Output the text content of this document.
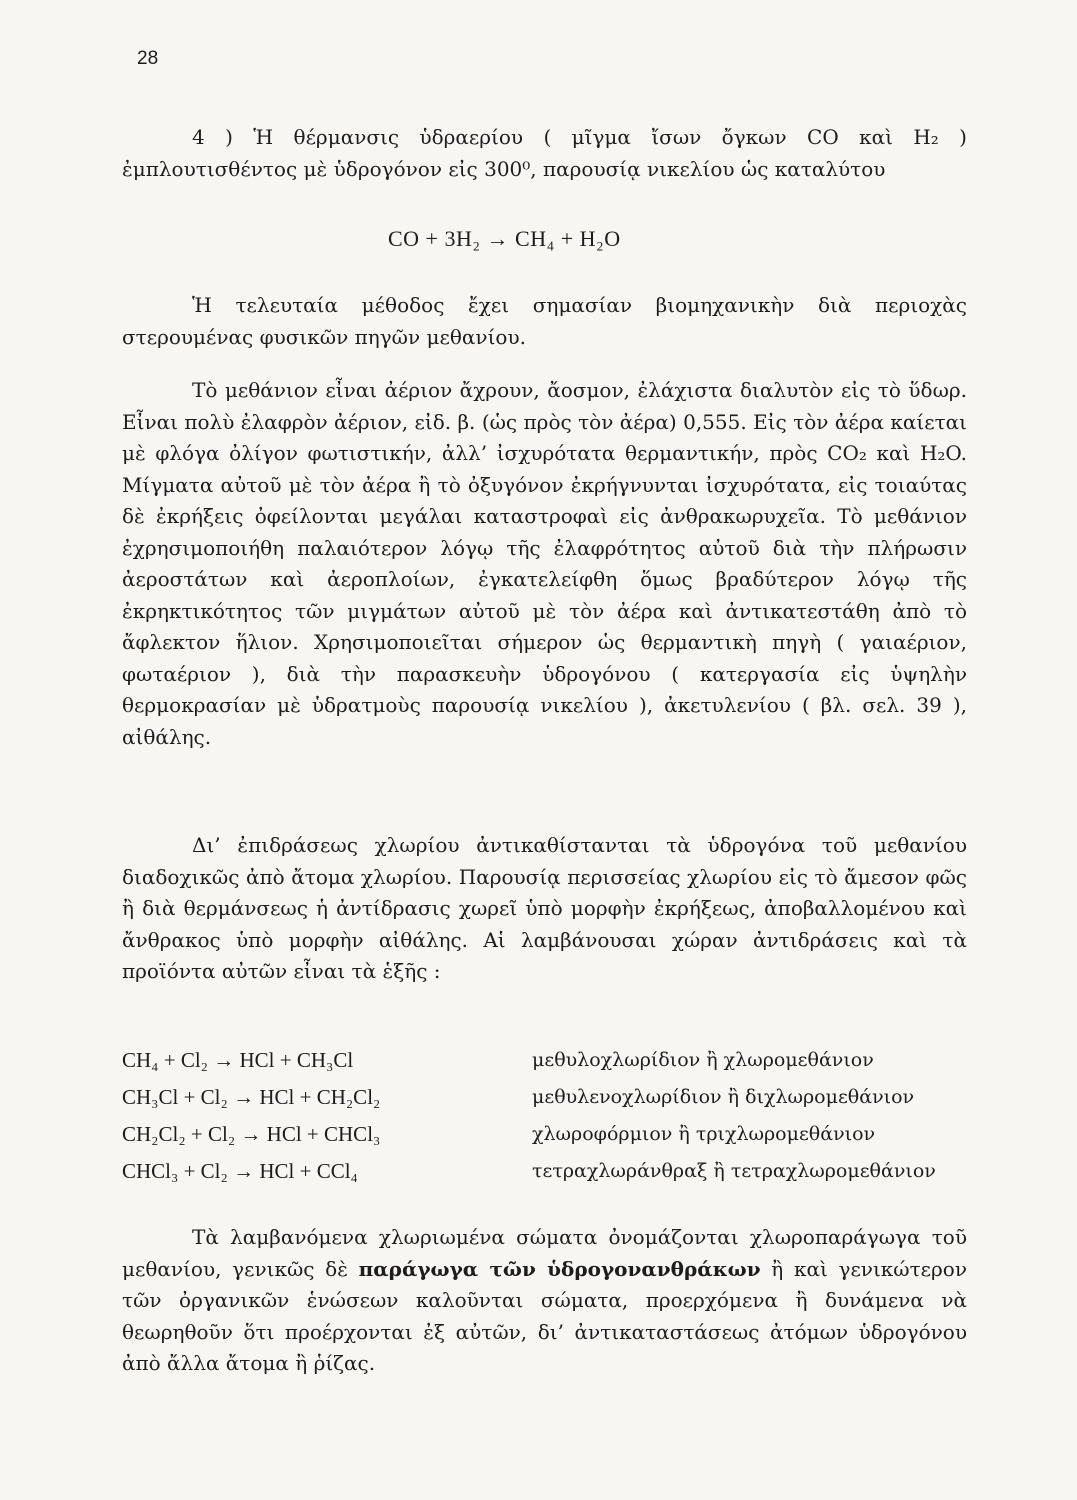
28

4 ) Ἡ θέρμανσις ὑδραερίου ( μῖγμα ἴσων ὄγκων CO καὶ H₂ ) ἐμπλουτισθέντος μὲ ὑδρογόνον εἰς 300⁰, παρουσίᾳ νικελίου ὡς καταλύτου

CO + 3H₂ → CH₄ + H₂O

Ἡ τελευταία μέθοδος ἔχει σημασίαν βιομηχανικὴν διὰ περιοχὰς στερουμένας φυσικῶν πηγῶν μεθανίου.

Τὸ μεθάνιον εἶναι ἀέριον ἄχρουν, ἄοσμον, ἐλάχιστα διαλυτὸν εἰς τὸ ὕδωρ. Εἶναι πολὺ ἐλαφρὸν ἀέριον, εἰδ. β. (ὡς πρὸς τὸν ἀέρα) 0,555. Εἰς τὸν ἀέρα καίεται μὲ φλόγα ὀλίγον φωτιστικήν, ἀλλ’ ἰσχυρότατα θερμαντικήν, πρὸς CO₂ καὶ H₂O. Μίγματα αὐτοῦ μὲ τὸν ἀέρα ἢ τὸ ὀξυγόνον ἐκρήγνυνται ἰσχυρότατα, εἰς τοιαύτας δὲ ἐκρήξεις ὀφείλονται μεγάλαι καταστροφαὶ εἰς ἀνθρακωρυχεῖα. Τὸ μεθάνιον ἐχρησιμοποιήθη παλαιότερον λόγῳ τῆς ἐλαφρότητος αὐτοῦ διὰ τὴν πλήρωσιν ἀεροστάτων καὶ ἀεροπλοίων, ἐγκατελείφθη ὅμως βραδύτερον λόγῳ τῆς ἐκρηκτικότητος τῶν μιγμάτων αὐτοῦ μὲ τὸν ἀέρα καὶ ἀντικατεστάθη ἀπὸ τὸ ἄφλεκτον ἥλιον. Χρησιμοποιεῖται σήμερον ὡς θερμαντικὴ πηγὴ ( γαιαέριον, φωταέριον ), διὰ τὴν παρασκευὴν ὑδρογόνου ( κατεργασία εἰς ὑψηλὴν θερμοκρασίαν μὲ ὑδρατμοὺς παρουσίᾳ νικελίου ), ἀκετυλενίου ( βλ. σελ. 39 ), αἰθάλης.

Δι’ ἐπιδράσεως χλωρίου ἀντικαθίστανται τὰ ὑδρογόνα τοῦ μεθανίου διαδοχικῶς ἀπὸ ἄτομα χλωρίου. Παρουσίᾳ περισσείας χλωρίου εἰς τὸ ἄμεσον φῶς ἢ διὰ θερμάνσεως ἡ ἀντίδρασις χωρεῖ ὑπὸ μορφὴν ἐκρήξεως, ἀποβαλλομένου καὶ ἄνθρακος ὑπὸ μορφὴν αἰθάλης. Αἱ λαμβάνουσαι χώραν ἀντιδράσεις καὶ τὰ προϊόντα αὐτῶν εἶναι τὰ ἑξῆς :

CH₄ + Cl₂ → HCl + CH₃Cl	μεθυλοχλωρίδιον ἢ χλωρομεθάνιον
CH₃Cl + Cl₂ → HCl + CH₂Cl₂	μεθυλενοχλωρίδιον ἢ διχλωρομεθάνιον
CH₂Cl₂ + Cl₂ → HCl + CHCl₃	χλωροφόρμιον ἢ τριχλωρομεθάνιον
CHCl₃ + Cl₂ → HCl + CCl₄	τετραχλωράνθραξ ἢ τετραχλωρομεθάνιον

Τὰ λαμβανόμενα χλωριωμένα σώματα ὀνομάζονται χλωροπαράγωγα τοῦ μεθανίου, γενικῶς δὲ παράγωγα τῶν ὑδρογονανθράκων ἢ καὶ γενικώτερον τῶν ὀργανικῶν ἑνώσεων καλοῦνται σώματα, προερχόμενα ἢ δυνάμενα νὰ θεωρηθοῦν ὅτι προέρχονται ἐξ αὐτῶν, δι’ ἀντικαταστάσεως ἀτόμων ὑδρογόνου ἀπὸ ἄλλα ἄτομα ἢ ῥίζας.
